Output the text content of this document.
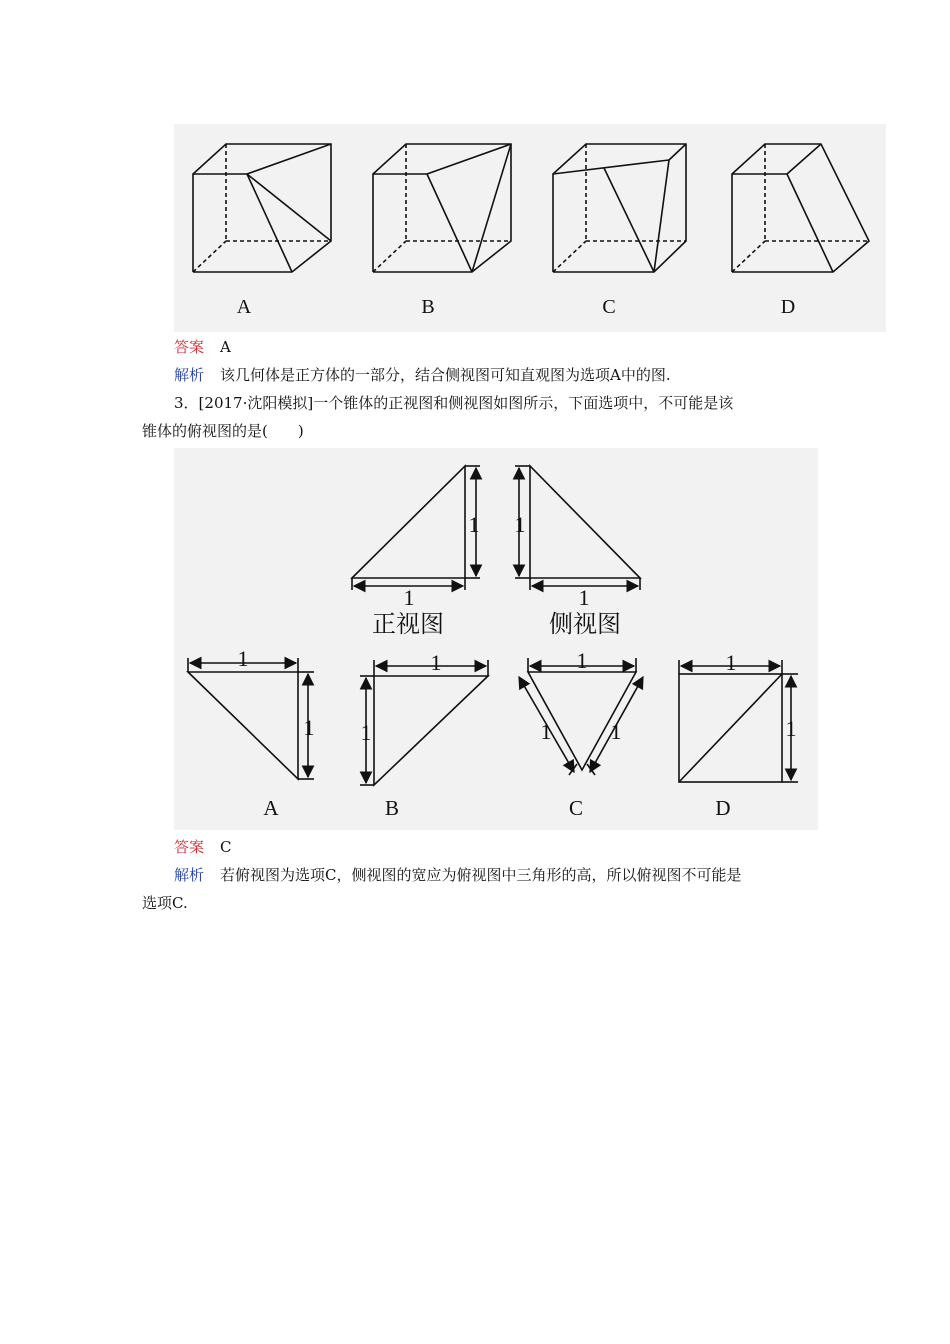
A	B	C	D
答案 A
解析 该几何体是正方体的一部分，结合侧视图可知直观图为选项A中的图.
3．[2017·沈阳模拟]一个锥体的正视图和侧视图如图所示，下面选项中，不可能是该
锥体的俯视图的是(　　)
1
1
1
1
1
1
1
1
1
1	1
1
1
正视图	侧视图
A	B	C	D
答案 C
解析 若俯视图为选项C，侧视图的宽应为俯视图中三角形的高，所以俯视图不可能是
选项C.
